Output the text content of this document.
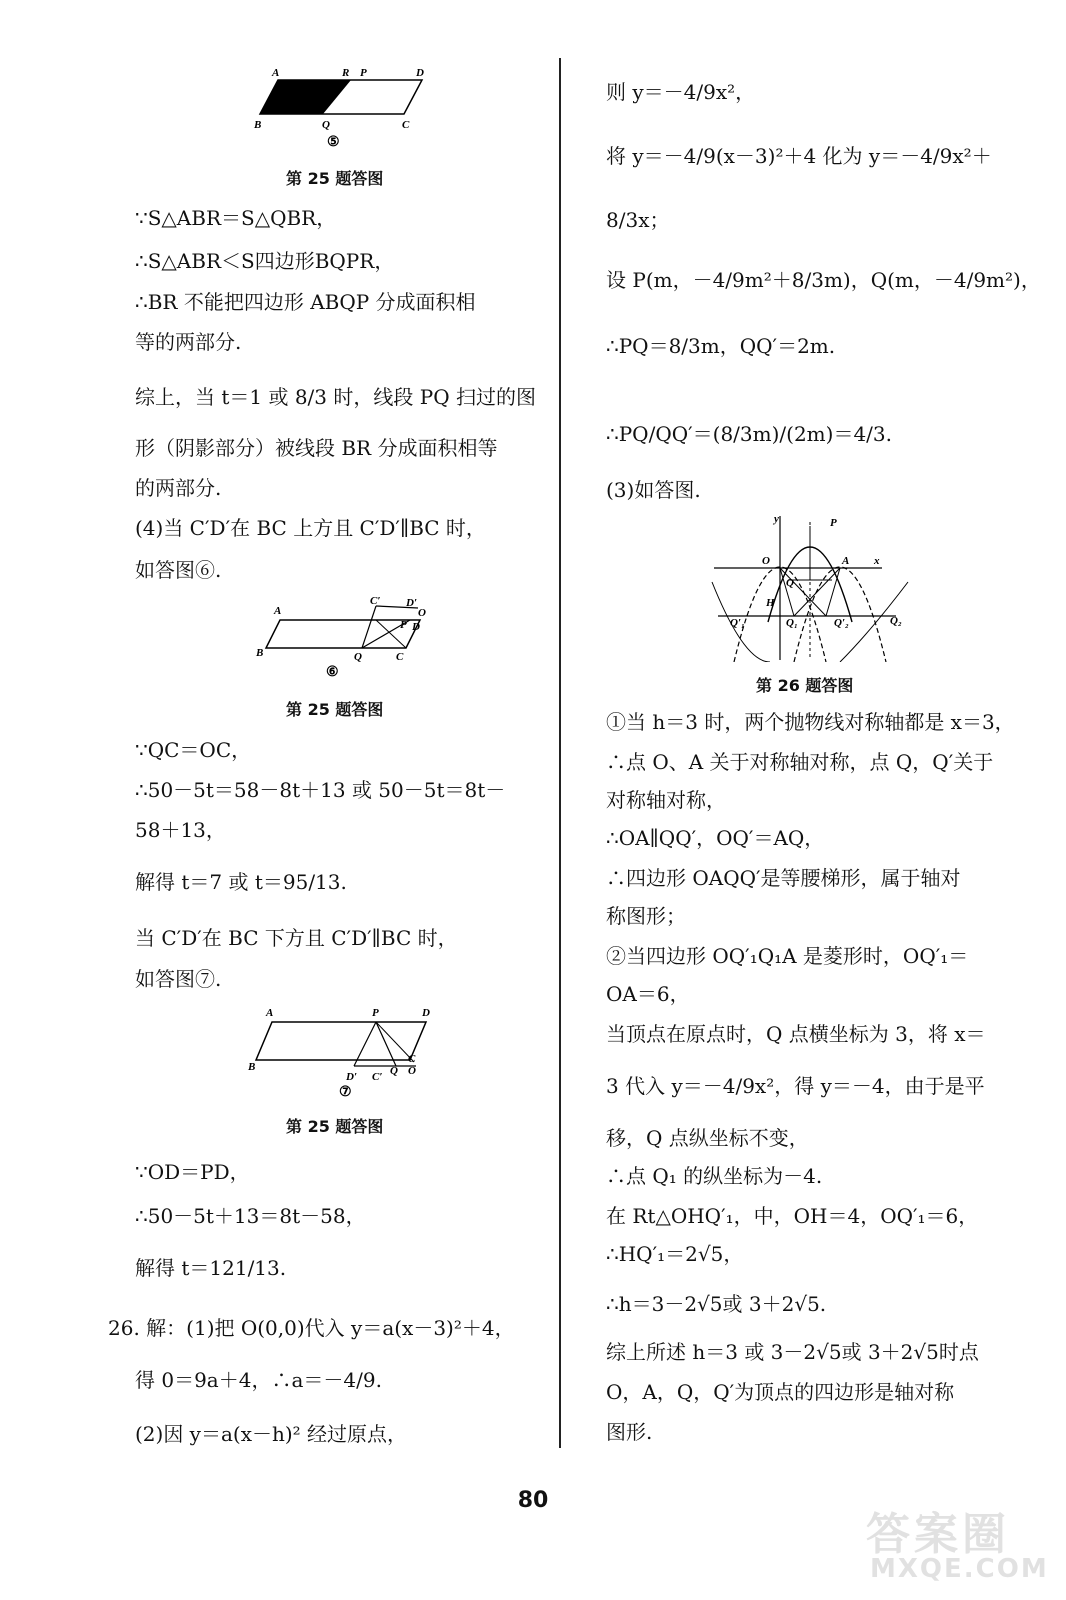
A	R P	D
B	Q	C
⑤
第 25 题答图
∵S△ABR＝S△QBR，
∴S△ABR＜S四边形BQPR，
∴BR 不能把四边形 ABQP 分成面积相
等的两部分.
综上，当 t＝1 或 8/3 时，线段 PQ 扫过的图
形（阴影部分）被线段 BR 分成面积相等
的两部分.
(4)当 C′D′在 BC 上方且 C′D′∥BC 时，
如答图⑥.
A
C′ D′
O
P D
B	Q	C
⑥
第 25 题答图
∵QC＝OC，
∴50－5t＝58－8t＋13 或 50－5t＝8t－
58＋13，
解得 t＝7 或 t＝95/13.
当 C′D′在 BC 下方且 C′D′∥BC 时，
如答图⑦.
A	P	D
B
D′ C′ Q
C
O
⑦
第 25 题答图
∵OD＝PD，
∴50－5t＋13＝8t－58，
解得 t＝121/13.
26. 解：(1)把 O(0,0)代入 y＝a(x－3)²＋4，
得 0＝9a＋4，∴a＝－4/9.
(2)因 y＝a(x－h)² 经过原点，
则 y＝－4/9x²，
将 y＝－4/9(x－3)²＋4 化为 y＝－4/9x²＋
8/3x；
设 P(m，－4/9m²＋8/3m)，Q(m，－4/9m²)，
∴PQ＝8/3m，QQ′＝2m.
∴PQ/QQ′＝(8/3m)/(2m)＝4/3.
(3)如答图.
y	P
O	A x
Q
H
Q′₁	Q₁	Q′₂	Q₂
第 26 题答图
①当 h＝3 时，两个抛物线对称轴都是 x＝3，
∴点 O、A 关于对称轴对称，点 Q，Q′关于
对称轴对称，
∴OA∥QQ′，OQ′＝AQ，
∴四边形 OAQQ′是等腰梯形，属于轴对
称图形；
②当四边形 OQ′₁Q₁A 是菱形时，OQ′₁＝
OA＝6，
当顶点在原点时，Q 点横坐标为 3，将 x＝
3 代入 y＝－4/9x²，得 y＝－4，由于是平
移，Q 点纵坐标不变，
∴点 Q₁ 的纵坐标为－4.
在 Rt△OHQ′₁，中，OH＝4，OQ′₁＝6，
∴HQ′₁＝2√5，
∴h＝3－2√5或 3＋2√5.
综上所述 h＝3 或 3－2√5或 3＋2√5时点
O，A，Q，Q′为顶点的四边形是轴对称
图形.
80
答案圈
MXQE.COM
